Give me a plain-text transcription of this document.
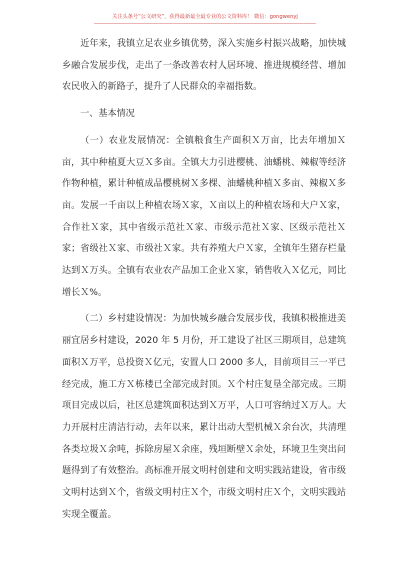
关注头条号“公文研究”，获得最新最全最专业的公文资料库！ 微信：gongwenyj

近年来，我镇立足农业乡镇优势，深入实施乡村振兴战略，加快城乡融合发展步伐，走出了一条改善农村人居环境、推进规模经营、增加农民收入的新路子，提升了人民群众的幸福指数。

一、基本情况

（一）农业发展情况：全镇粮食生产面积Ｘ万亩，比去年增加Ｘ亩，其中种植夏大豆Ｘ多亩。全镇大力引进樱桃、油蟠桃、辣椒等经济作物种植，累计种植成品樱桃树Ｘ多棵、油蟠桃种植Ｘ多亩、辣椒Ｘ多亩。发展一千亩以上种植农场Ｘ家，Ｘ亩以上的种植农场和大户Ｘ家，合作社Ｘ家，其中省级示范社Ｘ家、市级示范社Ｘ家、区级示范社Ｘ家；省级社Ｘ家、市级社Ｘ家。共有养殖大户Ｘ家，全镇年生猪存栏量达到Ｘ万头。全镇有农业农产品加工企业Ｘ家，销售收入Ｘ亿元，同比增长Ｘ%。

（二）乡村建设情况：为加快城乡融合发展步伐，我镇积极推进美丽宜居乡村建设，2020 年 5 月份，开工建设了社区三期项目，总建筑面积Ｘ万平，总投资Ｘ亿元，安置人口 2000 多人，目前项目三一平已经完成，施工方Ｘ栋楼已全部完成封顶。Ｘ个村庄复垦全部完成。三期项目完成以后，社区总建筑面积达到Ｘ万平，人口可容纳过Ｘ万人。大力开展村庄清洁行动，去年以来，累计出动大型机械Ｘ余台次，共清理各类垃圾Ｘ余吨，拆除房屋Ｘ余座，残垣断壁Ｘ余处，环境卫生突出问题得到了有效整治。高标准开展文明村创建和文明实践站建设，省市级文明村达到Ｘ个，省级文明村庄Ｘ个，市级文明村庄Ｘ个，文明实践站实现全覆盖。
